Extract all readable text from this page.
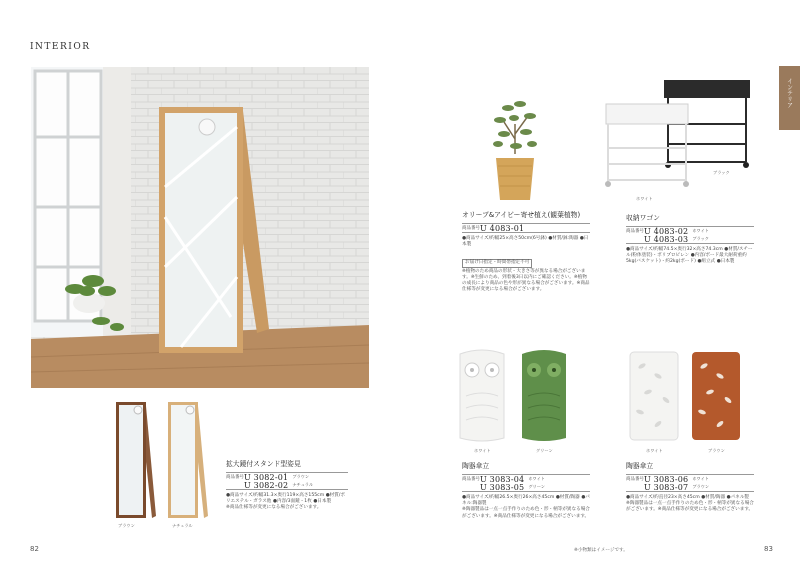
INTERIOR
インテリア
ブラウン	ナチュラル
拡大鏡付スタンド型姿見
商品番号 U 3082-01 ブラウン
U 3082-02 ナチュラル
●商品サイズ/約幅31.3×奥行119×高さ155cm ●材質/ポリエステル・ガラス他 ●内容/3面鏡・1枚 ●日本製
※商品仕様等が変更になる場合がございます。
オリーブ&アイビー寄せ植え(観葉植物)
商品番号 U 4083-01
●商品サイズ/約幅25×高さ50cm(6号鉢) ●材質/鉢:陶器 ●日本製
お届け日指定・時間帯指定不可
※植物のため商品の形状・大きさ等が異なる場合がございます。※生鮮のため、到着後3日以内にご確認ください。※植物の成長により商品の色や形が異なる場合がございます。※商品仕様等が変更になる場合がございます。
ホワイト
ブラック
収納ワゴン
商品番号 U 4083-02 ホワイト
U 4083-03 ブラック
●商品サイズ/約幅74.5×奥行32×高さ74.3cm ●材質/スチール(粉体塗装)・ポリプロピレン ●内容/ボード最大耐荷重約5kg(バスケット)・約2kg(ボード) ●組立式 ●日本製
ホワイト	グリーン
陶器傘立
商品番号 U 3083-04 ホワイト
U 3083-05 グリーン
●商品サイズ/約幅26.5×奥行26×高さ45cm ●材質/陶器 ●パネル:陶器製
※陶器製品は一点一点手作りのため色・形・柄等が異なる場合がございます。※商品仕様等が変更になる場合がございます。
ホワイト	ブラウン
陶器傘立
商品番号 U 3083-06 ホワイト
U 3083-07 ブラウン
●商品サイズ/約直径23×高さ45cm ●材質/陶器 ●パネル製
※陶器製品は一点一点手作りのため色・形・柄等が異なる場合がございます。※商品仕様等が変更になる場合がございます。
82	※小物類はイメージです。	83
